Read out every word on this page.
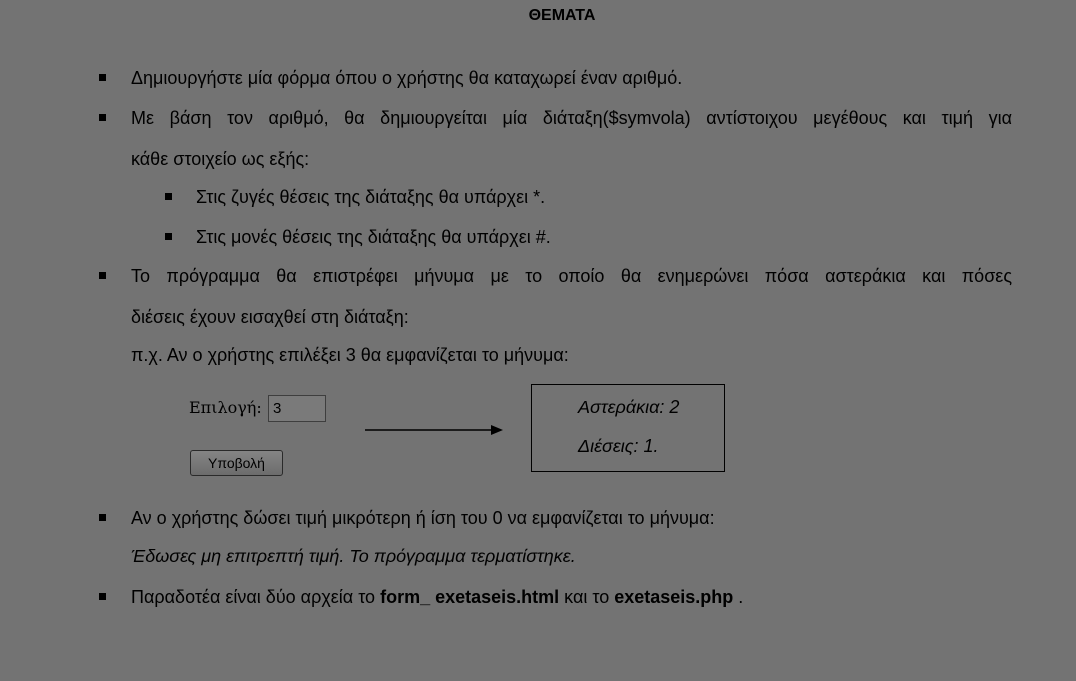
ΘΕΜΑΤΑ
Δημιουργήστε μία φόρμα όπου ο χρήστης θα καταχωρεί έναν αριθμό.
Με βάση τον αριθμό, θα δημιουργείται μία διάταξη($symvola) αντίστοιχου μεγέθους και τιμή για
κάθε στοιχείο ως εξής:
Στις ζυγές θέσεις της διάταξης θα υπάρχει *.
Στις μονές θέσεις της διάταξης θα υπάρχει #.
Το πρόγραμμα θα επιστρέφει μήνυμα με το οποίο θα ενημερώνει πόσα αστεράκια και πόσες
διέσεις έχουν εισαχθεί στη διάταξη:
π.χ. Αν ο χρήστης επιλέξει 3 θα εμφανίζεται το μήνυμα:
Επιλογή:
3
Υποβολή
Αστεράκια: 2
Διέσεις: 1.
Αν ο χρήστης δώσει τιμή μικρότερη ή ίση του 0 να εμφανίζεται το μήνυμα:
Έδωσες μη επιτρεπτή τιμή. Το πρόγραμμα τερματίστηκε.
Παραδοτέα είναι δύο αρχεία το form_ exetaseis.html και το exetaseis.php .
